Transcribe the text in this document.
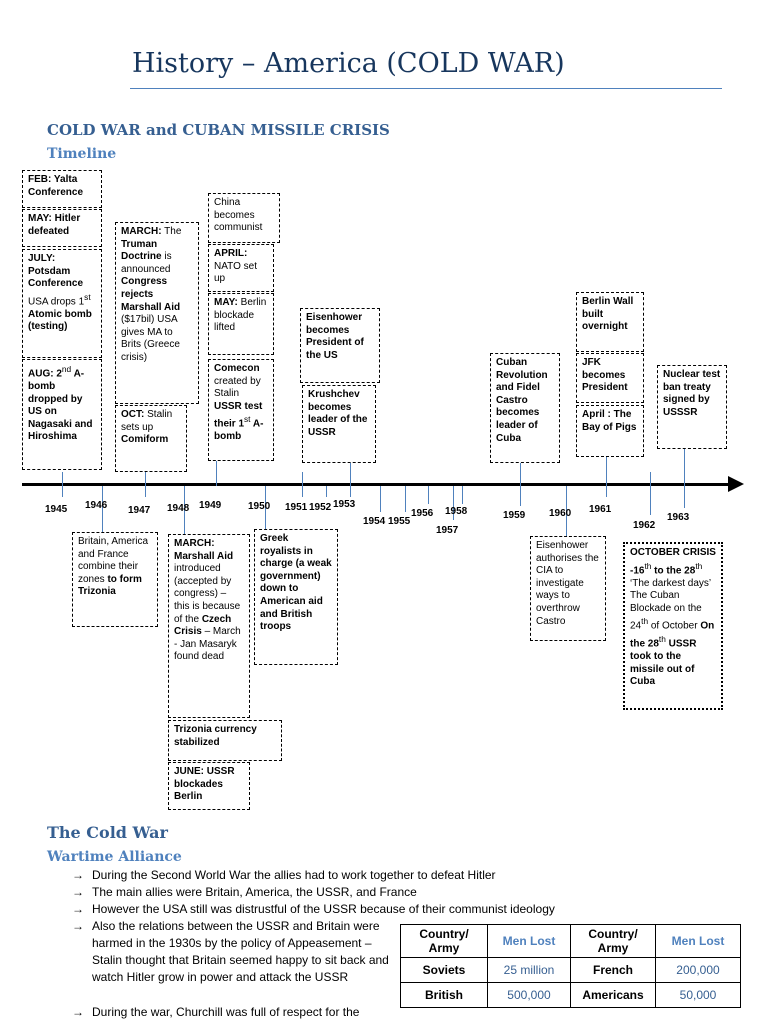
History – America (COLD WAR)
COLD WAR and CUBAN MISSILE CRISIS
Timeline
FEB: Yalta Conference
MAY: Hitler defeated
JULY: Potsdam Conference
USA drops 1st Atomic bomb (testing)
AUG: 2nd A-bomb dropped by US on Nagasaki and Hiroshima
MARCH: The Truman Doctrine is announced Congress rejects Marshall Aid ($17bil) USA gives MA to Brits (Greece crisis)
OCT: Stalin sets up Comiform
China becomes communist
APRIL: NATO set up
MAY: Berlin blockade lifted
Comecon created by Stalin USSR test their 1st A-bomb
Eisenhower becomes President of the US
Krushchev becomes leader of the USSR
Cuban Revolution and Fidel Castro becomes leader of Cuba
Berlin Wall built overnight
JFK becomes President
April : The Bay of Pigs
Nuclear test ban treaty signed by USSSR
1945 1946 1947 1948 1949	1950 1951 1952 1953
1954 1955
1956
1957
1958	1959 1960 1961
1962
1963
Britain, America and France combine their zones to form Trizonia
MARCH: Marshall Aid introduced (accepted by congress) – this is because of the Czech Crisis – March - Jan Masaryk found dead
Greek royalists in charge (a weak government) down to American aid and British troops
Trizonia currency stabilized
JUNE: USSR blockades Berlin
Eisenhower authorises the CIA to investigate ways to overthrow Castro
OCTOBER CRISIS -16th to the 28th ‘The darkest days’ The Cuban Blockade on the 24th of October On the 28th USSR took to the missile out of Cuba
The Cold War
Wartime Alliance
→ During the Second World War the allies had to work together to defeat Hitler
→ The main allies were Britain, America, the USSR, and France
→ However the USA still was distrustful of the USSR because of their communist ideology
→ Also the relations between the USSR and Britain were harmed in the 1930s by the policy of Appeasement – Stalin thought that Britain seemed happy to sit back and watch Hitler grow in power and attack the USSR
→ During the war, Churchill was full of respect for the
Country/ Army	Men Lost	Country/ Army	Men Lost
Soviets	25 million	French	200,000
British	500,000	Americans	50,000
